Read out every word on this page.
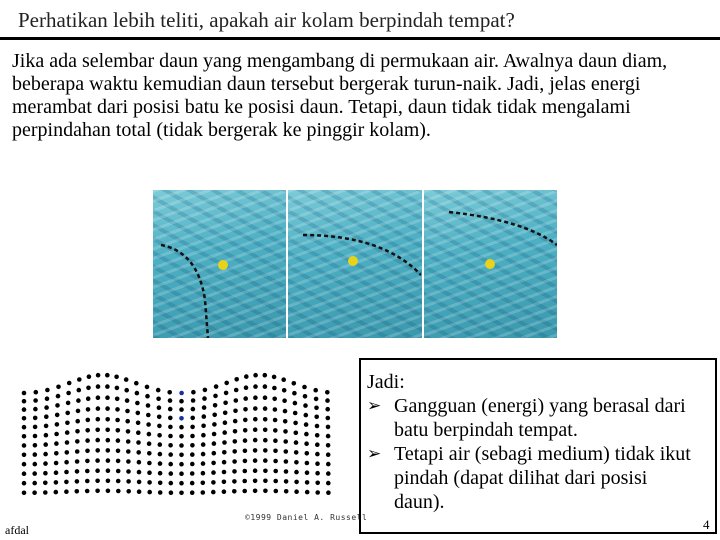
Perhatikan lebih teliti, apakah air kolam berpindah tempat?
Jika ada selembar daun yang mengambang di permukaan air. Awalnya daun diam, beberapa waktu kemudian daun tersebut bergerak turun-naik. Jadi, jelas energi merambat dari posisi batu ke posisi daun. Tetapi, daun tidak tidak mengalami perpindahan total (tidak bergerak ke pinggir kolam).
©1999 Daniel A. Russell
afdal
Jadi:
➢ Gangguan (energi) yang berasal dari batu berpindah tempat.
➢ Tetapi air (sebagi medium) tidak ikut pindah (dapat dilihat dari posisi daun).
4
